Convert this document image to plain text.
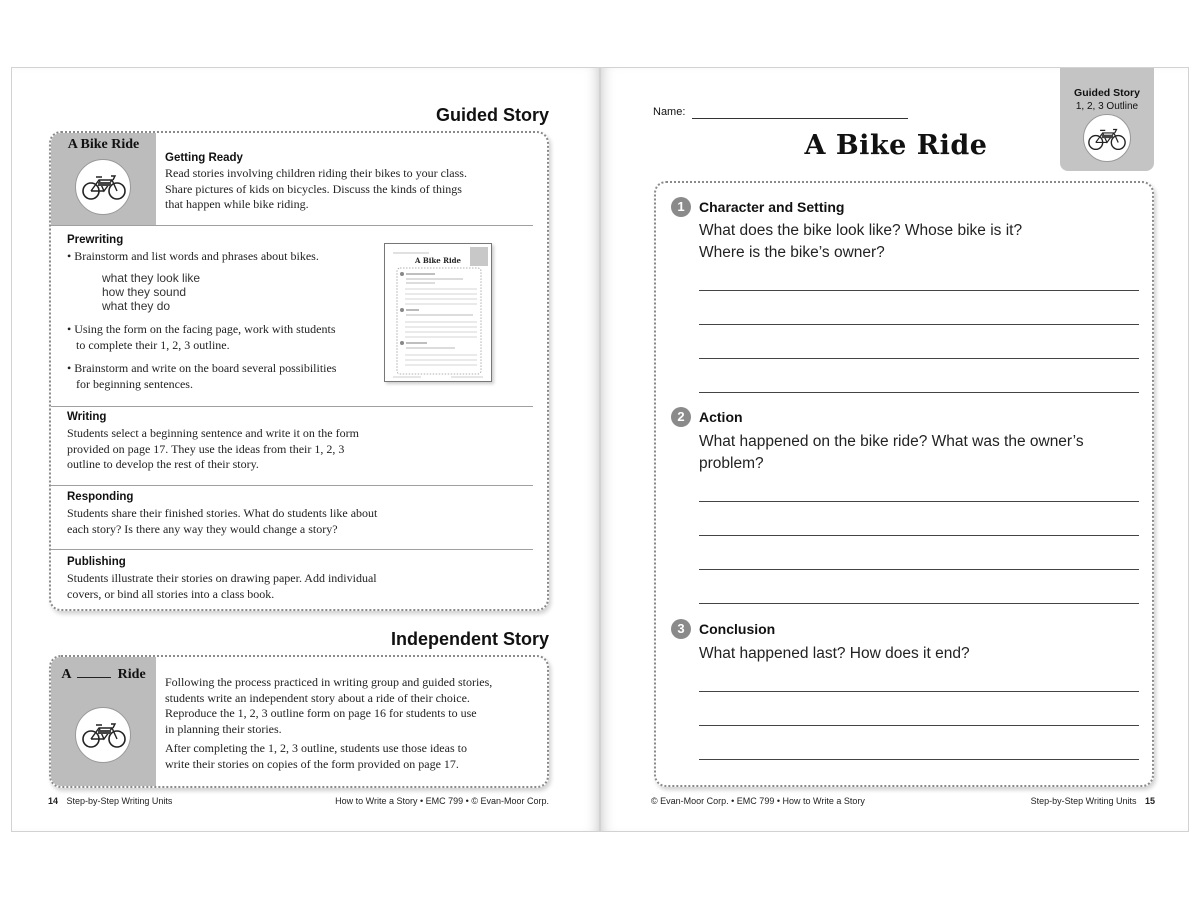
Guided Story
A Bike Ride
Getting Ready
Read stories involving children riding their bikes to your class.
Share pictures of kids on bicycles. Discuss the kinds of things
that happen while bike riding.
Prewriting
• Brainstorm and list words and phrases about bikes.
what they look like
how they sound
what they do
• Using the form on the facing page, work with students
to complete their 1, 2, 3 outline.
• Brainstorm and write on the board several possibilities
for beginning sentences.
A Bike Ride
Writing
Students select a beginning sentence and write it on the form
provided on page 17. They use the ideas from their 1, 2, 3
outline to develop the rest of their story.
Responding
Students share their finished stories. What do students like about
each story? Is there any way they would change a story?
Publishing
Students illustrate their stories on drawing paper. Add individual
covers, or bind all stories into a class book.
Independent Story
A	Ride	Following the process practiced in writing group and guided stories,
students write an independent story about a ride of their choice.
Reproduce the 1, 2, 3 outline form on page 16 for students to use
in planning their stories.
After completing the 1, 2, 3 outline, students use those ideas to
write their stories on copies of the form provided on page 17.
14 Step-by-Step Writing Units	How to Write a Story • EMC 799 • © Evan-Moor Corp.
Guided Story
1, 2, 3 Outline
Name:
A Bike Ride
1	Character and Setting
What does the bike look like? Whose bike is it?
Where is the bike’s owner?
2	Action
What happened on the bike ride? What was the owner’s
problem?
3	Conclusion
What happened last? How does it end?
© Evan-Moor Corp. • EMC 799 • How to Write a Story	Step-by-Step Writing Units 15
